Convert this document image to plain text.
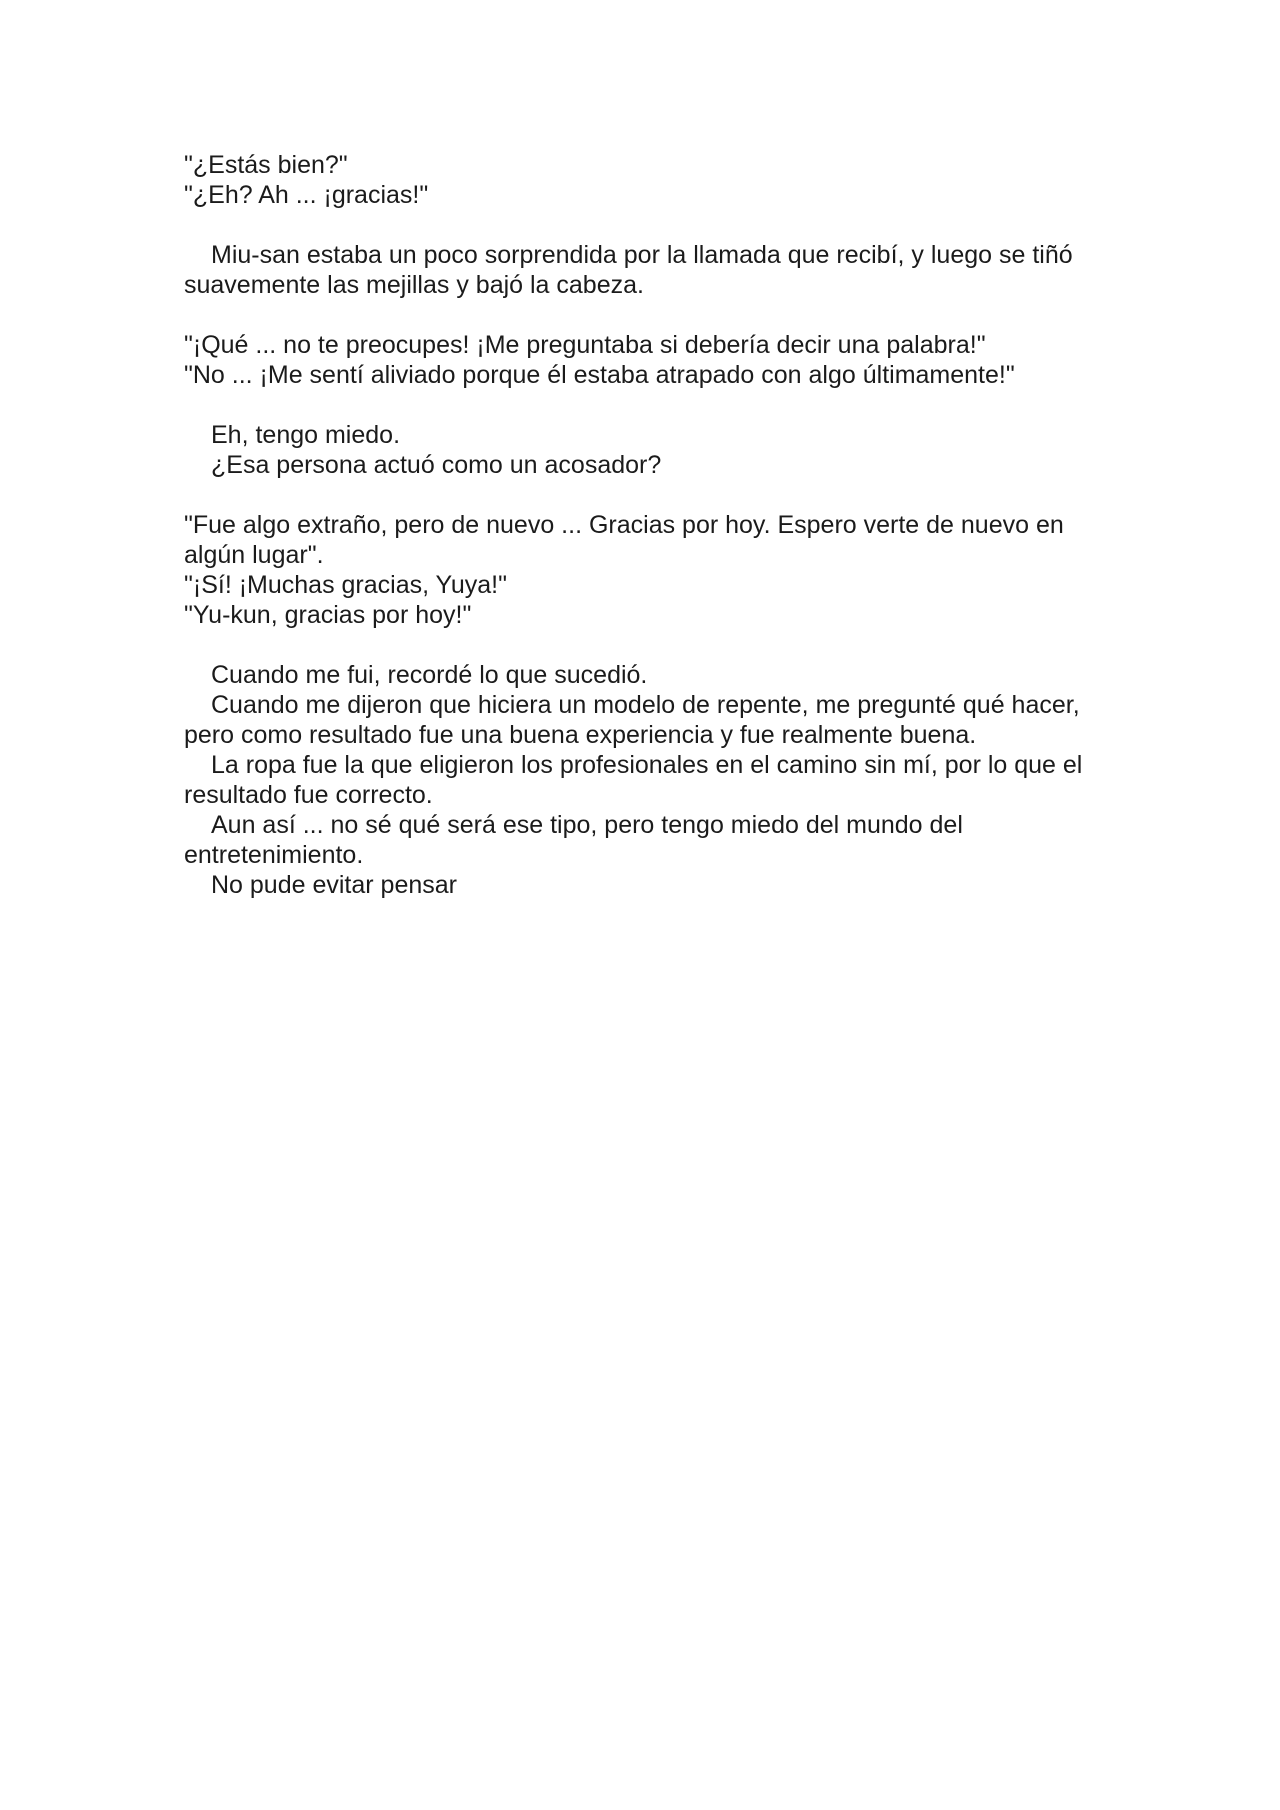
"¿Estás bien?"

"¿Eh? Ah ... ¡gracias!"

Miu-san estaba un poco sorprendida por la llamada que recibí, y luego se tiñó suavemente las mejillas y bajó la cabeza.

"¡Qué ... no te preocupes! ¡Me preguntaba si debería decir una palabra!"

"No ... ¡Me sentí aliviado porque él estaba atrapado con algo últimamente!"

Eh, tengo miedo.

¿Esa persona actuó como un acosador?

"Fue algo extraño, pero de nuevo ... Gracias por hoy. Espero verte de nuevo en algún lugar".

"¡Sí! ¡Muchas gracias, Yuya!"

"Yu-kun, gracias por hoy!"

Cuando me fui, recordé lo que sucedió.

Cuando me dijeron que hiciera un modelo de repente, me pregunté qué hacer, pero como resultado fue una buena experiencia y fue realmente buena.

La ropa fue la que eligieron los profesionales en el camino sin mí, por lo que el resultado fue correcto.

Aun así ... no sé qué será ese tipo, pero tengo miedo del mundo del entretenimiento.

No pude evitar pensar
